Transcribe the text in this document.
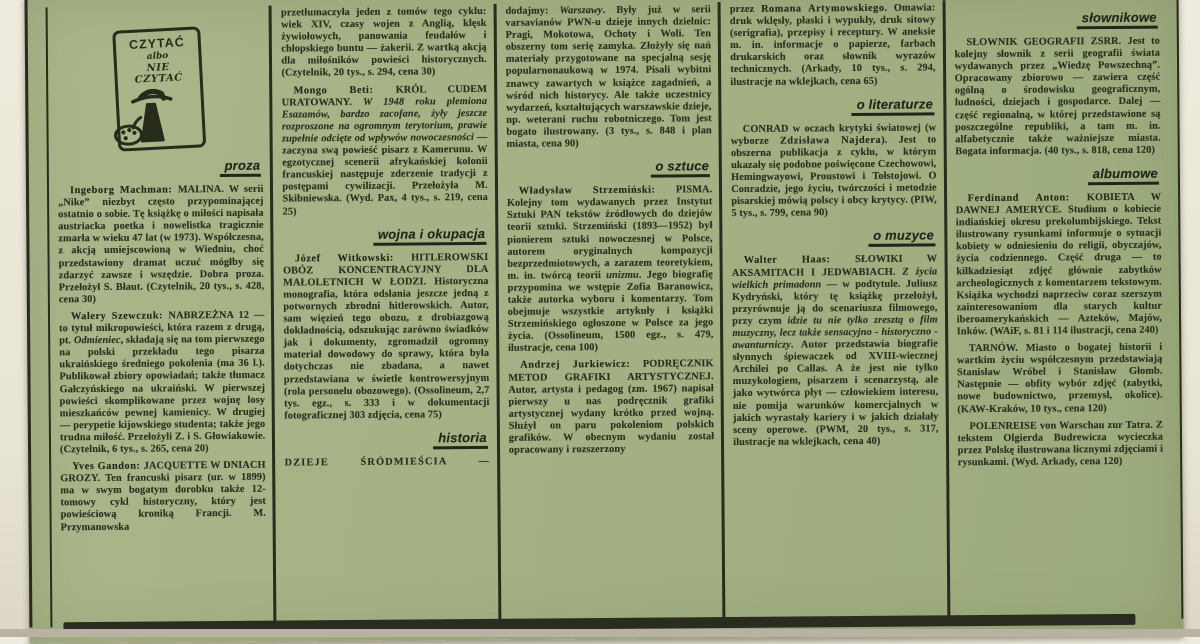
CZYTAĆ
albo
NIE CZYTAĆ
proza

Ingeborg Machman: MALINA. W serii „Nike” niezbyt często przypominającej ostatnio o sobie. Tę książkę o miłości napisała austriacka poetka i nowelistka tragicznie zmarła w wieku 47 lat (w 1973). Współczesna, z akcją umiejscowioną w Wiedniu, choć przedstawiony dramat uczuć mógłby się zdarzyć zawsze i wszędzie. Dobra proza. Przełożył S. Błaut. (Czytelnik, 20 tys., s. 428, cena 30)

Walery Szewczuk: NABRZEŻNA 12 — to tytuł mikropowieści, która razem z drugą, pt. Odmieniec, składają się na tom pierwszego na polski przekładu tego pisarza ukraińskiego średniego pokolenia (ma 36 l.). Publikował zbiory opowiadań; także tłumacz Gałczyńskiego na ukraiński. W pierwszej powieści skomplikowane przez wojnę losy mieszkańców pewnej kamienicy. W drugiej — perypetie kijowskiego studenta; także jego trudna miłość. Przełożyli Z. i S. Głowiakowie. (Czytelnik, 6 tys., s. 265, cena 20)

Yves Gandon: JACQUETTE W DNIACH GROZY. Ten francuski pisarz (ur. w 1899) ma w swym bogatym dorobku także 12-tomowy cykl historyczny, który jest powieściową kroniką Francji. M. Przymanowska

przetłumaczyła jeden z tomów tego cyklu: wiek XIV, czasy wojen z Anglią, klęsk żywiołowych, panowania feudałów i chłopskiego buntu — żakerii. Z wartką akcją dla miłośników powieści historycznych. (Czytelnik, 20 tys., s. 294, cena 30)

Mongo Beti: KRÓL CUDEM URATOWANY. W 1948 roku plemiona Esazamów, bardzo zacofane, żyły jeszcze rozproszone na ogromnym terytorium, prawie zupełnie odcięte od wpływów nowoczesności — zaczyna swą powieść pisarz z Kamerunu. W egzotycznej scenerii afrykańskiej kolonii francuskiej następuje zderzenie tradycji z postępami cywilizacji. Przełożyła M. Skibniewska. (Wyd. Pax, 4 tys., s. 219, cena 25)

wojna i okupacja

Józef Witkowski: HITLEROWSKI OBÓZ KONCENTRACYJNY DLA MAŁOLETNICH W ŁODZI. Historyczna monografia, która odsłania jeszcze jedną z potwornych zbrodni hitlerowskich. Autor, sam więzień tego obozu, z drobiazgową dokładnością, odszukując zarówno świadków jak i dokumenty, zgromadził ogromny materiał dowodowy do sprawy, która była dotychczas nie zbadana, a nawet przedstawiana w świetle kontrowersyjnym (rola personelu obozowego). (Ossolineum, 2,7 tys. egz., s. 333 i w dokumentacji fotograficznej 303 zdjęcia, cena 75)

historia

DZIEJE ŚRÓDMIEŚCIA —

dodajmy: Warszawy. Były już w serii varsavianów PWN-u dzieje innych dzielnic: Pragi, Mokotowa, Ochoty i Woli. Ten obszerny tom serię zamyka. Złożyły się nań materiały przygotowane na specjalną sesję popularnonaukową w 1974. Pisali wybitni znawcy zawartych w książce zagadnień, a wśród nich historycy. Ale także uczestnicy wydarzeń, kształtujących warszawskie dzieje, np. weterani ruchu robotniczego. Tom jest bogato ilustrowany. (3 tys., s. 848 i plan miasta, cena 90)

o sztuce

Władysław Strzemiński: PISMA. Kolejny tom wydawanych przez Instytut Sztuki PAN tekstów źródłowych do dziejów teorii sztuki. Strzemiński (1893—1952) był pionierem sztuki nowoczesnej w Polsce, autorem oryginalnych kompozycji bezprzedmiotowych, a zarazem teoretykiem, m. in. twórcą teorii unizmu. Jego biografię przypomina we wstępie Zofia Baranowicz, także autorka wyboru i komentarzy. Tom obejmuje wszystkie artykuły i książki Strzemińskiego ogłoszone w Polsce za jego życia. (Ossolineum, 1500 egz., s. 479, ilustracje, cena 100)

Andrzej Jurkiewicz: PODRĘCZNIK METOD GRAFIKI ARTYSTYCZNEJ. Autor, artysta i pedagog (zm. 1967) napisał pierwszy u nas podręcznik grafiki artystycznej wydany krótko przed wojną. Służył on paru pokoleniom polskich grafików. W obecnym wydaniu został opracowany i rozszerzony

przez Romana Artymowskiego. Omawia: druk wklęsły, płaski i wypukły, druk sitowy (serigrafia), przepisy i receptury. W aneksie m. in. informacje o papierze, farbach drukarskich oraz słownik wyrazów technicznych. (Arkady, 10 tys., s. 294, ilustracje na wklejkach, cena 65)

o literaturze

CONRAD w oczach krytyki światowej (w wyborze Zdzisława Najdera). Jest to obszerna publikacja z cyklu, w którym ukazały się podobne poświęcone Czechowowi, Hemingwayowi, Proustowi i Tołstojowi. O Conradzie, jego życiu, twórczości i metodzie pisarskiej mówią polscy i obcy krytycy. (PIW, 5 tys., s. 799, cena 90)

o muzyce

Walter Haas: SŁOWIKI W AKSAMITACH I JEDWABIACH. Z życia wielkich primadonn — w podtytule. Juliusz Kydryński, który tę książkę przełożył, przyrównuje ją do scenariusza filmowego, przy czym idzie tu nie tylko zresztą o film muzyczny, lecz także sensacyjno - historyczno - awanturniczy. Autor przedstawia biografie słynnych śpiewaczek od XVIII-wiecznej Archilei po Callas. A że jest nie tylko muzykologiem, pisarzem i scenarzystą, ale jako wytwórca płyt — człowiekiem interesu, nie pomija warunków komercjalnych w jakich wyrastały kariery i w jakich działały sceny operowe. (PWM, 20 tys., s. 317, ilustracje na wklejkach, cena 40)

słownikowe

SŁOWNIK GEOGRAFII ZSRR. Jest to kolejny słownik z serii geografii świata wydawanych przez „Wiedzę Powszechną”. Opracowany zbiorowo — zawiera część ogólną o środowisku geograficznym, ludności, dziejach i gospodarce. Dalej — część regionalną, w której przedstawione są poszczególne republiki, a tam m. in. alfabetycznie także ważniejsze miasta. Bogata informacja. (40 tys., s. 818, cena 120)

albumowe

Ferdinand Anton: KOBIETA W DAWNEJ AMERYCE. Studium o kobiecie indiańskiej okresu prekolumbijskiego. Tekst ilustrowany rysunkami informuje o sytuacji kobiety w odniesieniu do religii, obyczajów, życia codziennego. Część druga — to kilkadziesiąt zdjęć głównie zabytków archeologicznych z komentarzem tekstowym. Książka wychodzi naprzeciw coraz szerszym zainteresowaniom dla starych kultur iberoamerykańskich — Azteków, Majów, Inków. (WAiF, s. 81 i 114 ilustracji, cena 240)

TARNÓW. Miasto o bogatej historii i wartkim życiu współczesnym przedstawiają Stanisław Wróbel i Stanisław Głomb. Następnie — obfity wybór zdjęć (zabytki, nowe budownictwo, przemysł, okolice). (KAW-Kraków, 10 tys., cena 120)

POLENREISE von Warschau zur Tatra. Z tekstem Olgierda Budrewicza wycieczka przez Polskę ilustrowana licznymi zdjęciami i rysunkami. (Wyd. Arkady, cena 120)
